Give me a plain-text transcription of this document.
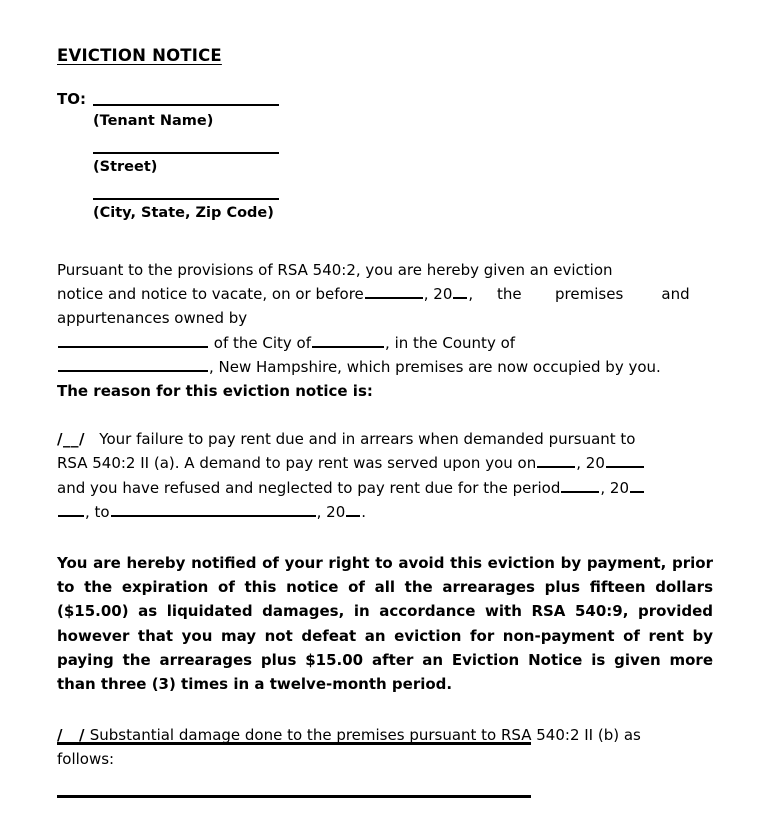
EVICTION NOTICE
TO:
(Tenant Name)
(Street)
(City, State, Zip Code)

Pursuant to the provisions of RSA 540:2, you are hereby given an eviction
notice and notice to vacate, on or before	, 20 , the premises	and
appurtenances owned by

of the City of	, in the County of

, New Hampshire, which premises are now occupied by you.

The reason for this eviction notice is:

/__/ Your failure to pay rent due and in arrears when demanded pursuant to
RSA 540:2 II (a). A demand to pay rent was served upon you on	, 20
and you have refused and neglected to pay rent due for the period	, 20
, to	, 20 .

You are hereby notified of your right to avoid this eviction by payment, prior to the expiration of this notice of all the arrearages plus fifteen dollars ($15.00) as liquidated damages, in accordance with RSA 540:9, provided however that you may not defeat an eviction for non-payment of rent by paying the arrearages plus $15.00 after an Eviction Notice is given more than three (3) times in a twelve-month period.

/__/ Substantial damage done to the premises pursuant to RSA 540:2 II (b) as
follows:
